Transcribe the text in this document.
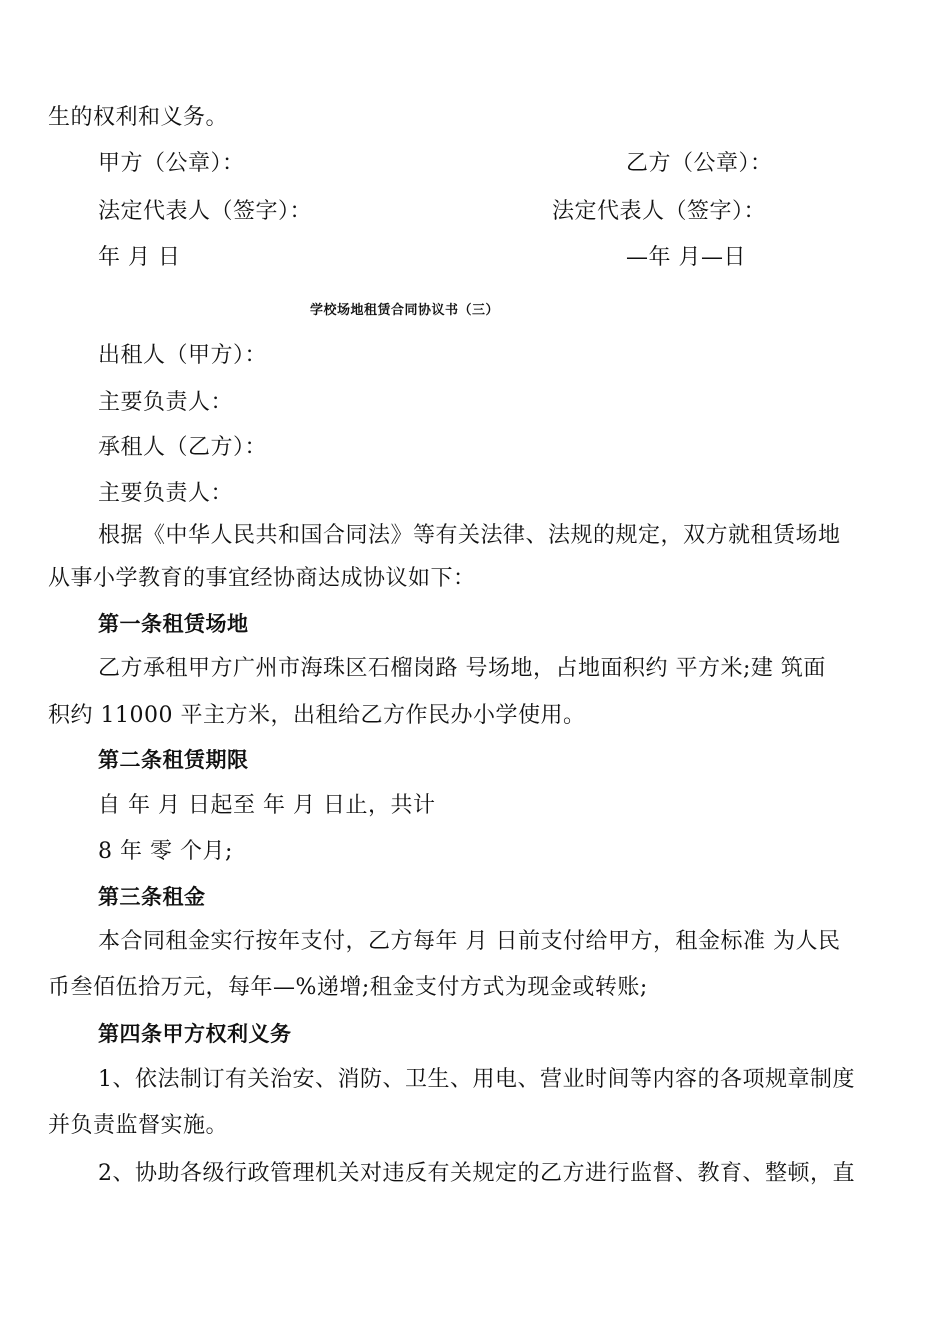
生的权利和义务。
甲方（公章）：	乙方（公章）：
法定代表人（签字）：	法定代表人（签字）：
年 月 日	—年 月—日
学校场地租赁合同协议书（三）
出租人（甲方）：
主要负责人：
承租人（乙方）：
主要负责人：
根据《中华人民共和国合同法》等有关法律、法规的规定，双方就租赁场地
从事小学教育的事宜经协商达成协议如下：
第一条租赁场地
乙方承租甲方广州市海珠区石榴岗路 号场地，占地面积约 平方米;建 筑面
积约 11000 平主方米，出租给乙方作民办小学使用。
第二条租赁期限
自 年 月 日起至 年 月 日止，共计
8 年 零 个月;
第三条租金
本合同租金实行按年支付，乙方每年 月 日前支付给甲方，租金标准 为人民
币叁佰伍拾万元，每年—%递增;租金支付方式为现金或转账;
第四条甲方权利义务
1、依法制订有关治安、消防、卫生、用电、营业时间等内容的各项规章制度
并负责监督实施。
2、协助各级行政管理机关对违反有关规定的乙方进行监督、教育、整顿，直
